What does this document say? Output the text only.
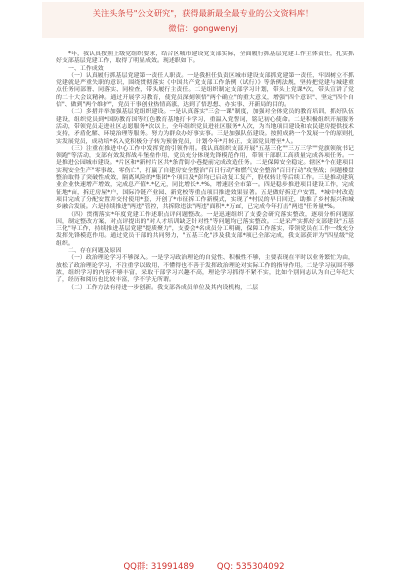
关注头条号"公文研究"，获得最新最全最专业的公文资料库！
微信：gongwenyj

*年，我认真按照上级党组织要求，结合区城市建设党支部实际，全面履行抓基层党建工作主体责任，扎实抓好支部基层党建工作，取得了明显成效。现述职如下。

一、工作成效

（一）认真履行抓基层党建第一责任人职责。一是我担任负责区城市建设支部抓党建第一责任，牢固树立不抓党建就是严重失职的意识，围绕贯彻落实《中国共产党支部工作条例（试行）》等条例法规，坚持把党建与城建重点任务同部署、同落实、同检查，带头履行主责任。二是组织制定支部学习计划，带头上党课*次，带头宣讲了党的二十大会议精神。通过开展学习教育，使党员深刻领悟"两个确立"的重大意义，增强"四个意识"、坚定"四个自信"、做到"两个维护"，党员干事创业热情高涨，达到了悟思想、办实事、开新局的目的。

（二）多措并举加强基层党组织建设。一是认真落实"三会一课"制度，加强对全体党员的教育培训，抓好队伍建设，组织党员到*国防教育国等红色教育基地打卡学习，重温入党誓词，铭记初心使命。二是积极组织开展服务活动，带领党员走进社区志愿服务*次以上，全年组织党员进社区服务*人次，为当地项目建设和农民建房提供技术支持，矛盾化解、环境治理等服务。努力为群众办好事实事。三是加强队伍建设。按照成熟一个发展一个的原则扎实发展党员，成功培*名入党积极分子转为预备党员，计划今年*月转正，支部党员增至*人。

（三）注重在推进中心工作中发挥党的引领作用。我认真组织支部开展"五基三化""三万三学""党旗领航书记领跑"等活动，支部有效发挥战斗堡垒作用，党员充分体现先锋模范作用，带领干部职工高质量完成各项任务。一是推进公园城市建设。*片区和*新村片区共*条背街小巷提前完成改造任务。二是保障安全稳定。辖区*个在建项目实现安全生产"零事故、零伤亡"，打赢了自建房安全整治"百日行动"和燃气安全整治"百日行动"攻坚战；问题楼盘整治取得了突破性成效，隔离风险的*集团*个项目及*彭均已启动复工复产，股权转让等后续工作。三是推动建筑业企业快速增产增效，完成总产值*.*亿元，同比增长*.*%，增速居全市第一。四是稳步推进项目建设工作，完成征地*亩，拆迁房屋*户，国际冷链产业园、新党校等重点项目推进效果显著。五是做好拆迁户安置，*城中村改造项目完成了分配安置并交付使用*套，开创了*市征拆工作新模式，实现了*村民的早日回迁，助推了乡村振兴和城乡融合发展。六是持续推进"两违"管控，共拆除违法"两违"面积*.*万㎡，已完成今年打击"两违"任务量*%。

（四）贯彻落实*年度党建工作述职点评问题整改。一是迅速组织了支委会研究落实整改，逐项分析问题原因，制定整改方案，对点评提出的"对人才培训缺乏针对性"等问题均已落实整改。二是采严实抓好支部建设"五基三化"导工作，持续推进基层党建"提质聚力"，支委会*名成员分工明确，保障工作落实，带领党员在工作一线充分发挥先锋模范作用。通过党员干部的共同努力，"五基三化"涉及我支部*项已全部完成，我支部获评为"四星级"党组织。

二、存在问题及原因

（一）政治理论学习不够深入。一是学习政治理论的自觉性、积极性不够，主要表现在平时以业务繁忙为由，放松了政治理论学习，不注重学以致用，不懂得也不善于发挥政治理论对实际工作的指导作用。二是学习氛围不够浓，组织学习的内容不够丰富，采取干部学习兴趣不高，理论学习抓得不紧不实，比如个别同志认为自己年纪大了，经历和阅历也比较丰富，学不学无所谓。

（二）工作方法有待进一步创新。我支部各成员单位及其内设机构，二层

QQ群: 31991489	QQ: 535304092
